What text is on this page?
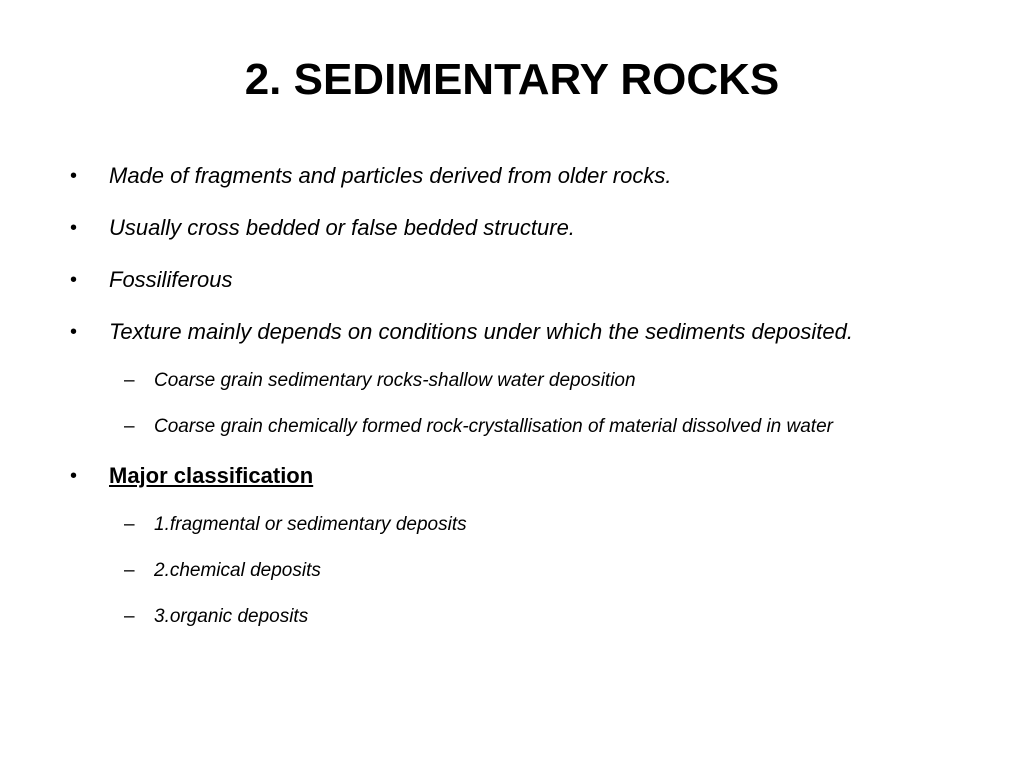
2. SEDIMENTARY ROCKS
• Made of fragments and particles derived from older rocks.
• Usually cross bedded or false bedded structure.
• Fossiliferous
• Texture mainly depends on conditions under which the sediments deposited.
– Coarse grain sedimentary rocks-shallow water deposition
– Coarse grain chemically formed rock-crystallisation of material dissolved in water
• Major classification
– 1.fragmental or sedimentary deposits
– 2.chemical deposits
– 3.organic deposits
